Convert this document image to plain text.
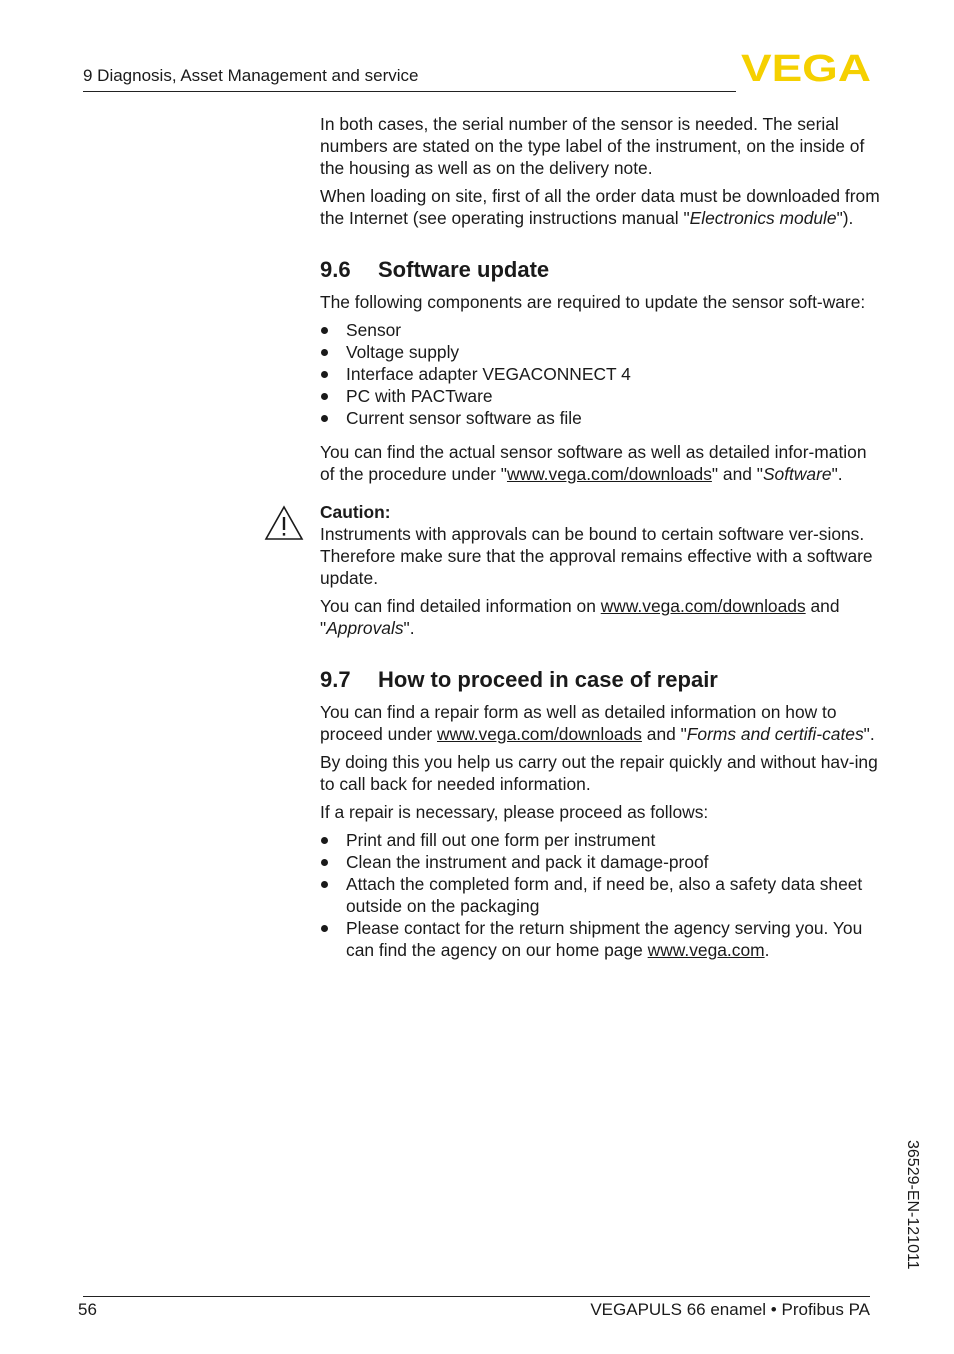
9 Diagnosis, Asset Management and service	VEGA

In both cases, the serial number of the sensor is needed. The serial numbers are stated on the type label of the instrument, on the inside of the housing as well as on the delivery note.

When loading on site, first of all the order data must be downloaded from the Internet (see operating instructions manual "Electronics module").

9.6 Software update

The following components are required to update the sensor soft-ware:

Sensor
Voltage supply
Interface adapter VEGACONNECT 4
PC with PACTware
Current sensor software as file

You can find the actual sensor software as well as detailed infor-mation of the procedure under "www.vega.com/downloads" and "Software".

Caution:

Instruments with approvals can be bound to certain software ver-sions. Therefore make sure that the approval remains effective with a software update.

You can find detailed information on www.vega.com/downloads and "Approvals".

9.7 How to proceed in case of repair

You can find a repair form as well as detailed information on how to proceed under www.vega.com/downloads and "Forms and certifi-cates".

By doing this you help us carry out the repair quickly and without hav-ing to call back for needed information.

If a repair is necessary, please proceed as follows:

Print and fill out one form per instrument
Clean the instrument and pack it damage-proof
Attach the completed form and, if need be, also a safety data sheet outside on the packaging
Please contact for the return shipment the agency serving you. You can find the agency on our home page www.vega.com.
36529-EN-121011
56	VEGAPULS 66 enamel • Profibus PA
